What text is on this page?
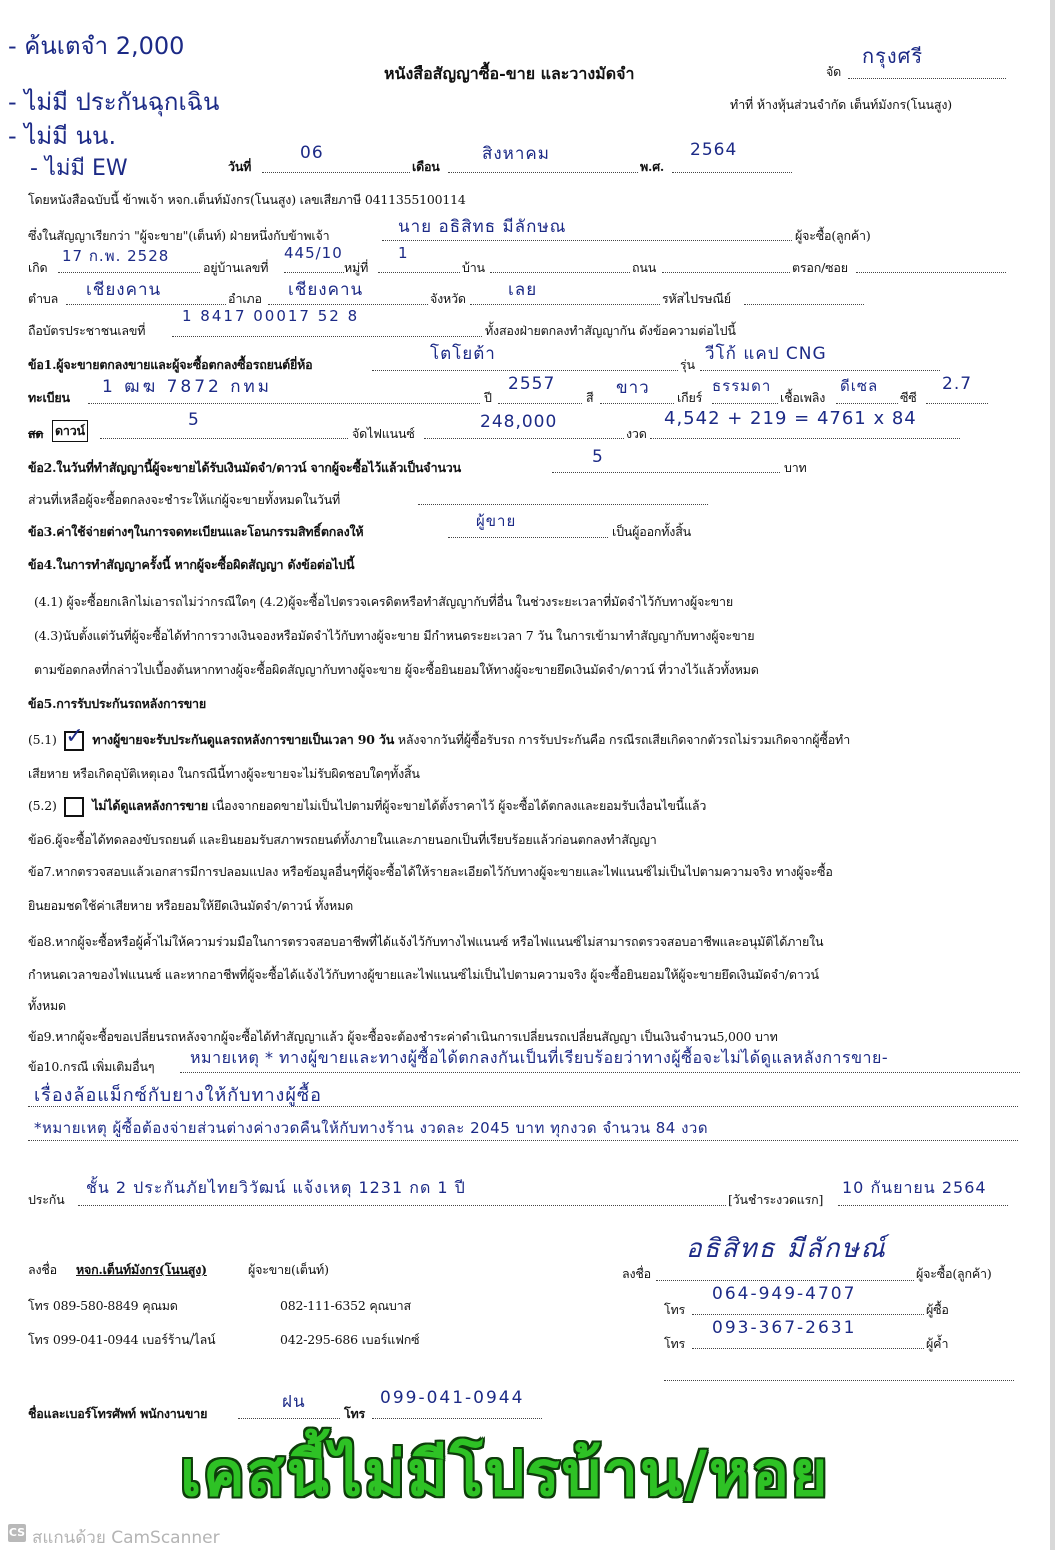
- ค้นเตจำ 2,000
- ไม่มี ประกันฉุกเฉิน
- ไม่มี นน.
- ไม่มี EW
หนังสือสัญญาซื้อ-ขาย และวางมัดจำ	จัด
กรุงศรี
ทำที่ ห้างหุ้นส่วนจำกัด เต็นท์มังกร(โนนสูง)
วันที่
06
เดือน
สิงหาคม
พ.ศ.
2564
โดยหนังสือฉบับนี้ ข้าพเจ้า หจก.เต็นท์มังกร(โนนสูง) เลขเสียภาษี 0411355100114
ซึ่งในสัญญาเรียกว่า "ผู้จะขาย"(เต็นท์) ฝ่ายหนึ่งกับข้าพเจ้า	นาย อธิสิทธ มีลักษณ	ผู้จะซื้อ(ลูกค้า)
เกิด
17 ก.พ. 2528
อยู่บ้านเลขที่
445/10
หมู่ที่
1
บ้าน	ถนน	ตรอก/ซอย
ตำบล เชียงคาน	อำเภอ เชียงคาน	จังหวัด เลย	รหัสไปรษณีย์
ถือบัตรประชาชนเลขที่
1 8417 00017 52 8
ทั้งสองฝ่ายตกลงทำสัญญากัน ดังข้อความต่อไปนี้
ข้อ1.ผู้จะขายตกลงขายและผู้จะซื้อตกลงซื้อรถยนต์ยี่ห้อ
โตโยต้า
รุ่น
วีโก้ แคป CNG
ทะเบียน
1 ฒฆ 7872 กทม
ปี
2557
สี ขาว เกียร์
ธรรมดา
เชื้อเพลิง
ดีเซล
ซีซี
2.7
สด ดาวน์
5
จัดไฟแนนซ์
248,000
งวด
4,542 + 219 = 4761 x 84
ข้อ2.ในวันที่ทำสัญญานี้ผู้จะขายได้รับเงินมัดจำ/ดาวน์ จากผู้จะซื้อไว้แล้วเป็นจำนวน
5
บาท
ส่วนที่เหลือผู้จะซื้อตกลงจะชำระให้แก่ผู้จะขายทั้งหมดในวันที่
ข้อ3.ค่าใช้จ่ายต่างๆในการจดทะเบียนและโอนกรรมสิทธิ์ตกลงให้
ผู้ขาย
เป็นผู้ออกทั้งสิ้น
ข้อ4.ในการทำสัญญาครั้งนี้ หากผู้จะซื้อผิดสัญญา ดังข้อต่อไปนี้
(4.1) ผู้จะซื้อยกเลิกไม่เอารถไม่ว่ากรณีใดๆ (4.2)ผู้จะซื้อไปตรวจเครดิตหรือทำสัญญากับที่อื่น ในช่วงระยะเวลาที่มัดจำไว้กับทางผู้จะขาย
(4.3)นับตั้งแต่วันที่ผู้จะซื้อได้ทำการวางเงินจองหรือมัดจำไว้กับทางผู้จะขาย มีกำหนดระยะเวลา 7 วัน ในการเข้ามาทำสัญญากับทางผู้จะขาย
ตามข้อตกลงที่กล่าวไปเบื้องต้นหากทางผู้จะซื้อผิดสัญญากับทางผู้จะขาย ผู้จะซื้อยินยอมให้ทางผู้จะขายยึดเงินมัดจำ/ดาวน์ ที่วางไว้แล้วทั้งหมด
ข้อ5.การรับประกันรถหลังการขาย
(5.1) ✓ ทางผู้ขายจะรับประกันดูแลรถหลังการขายเป็นเวลา 90 วัน หลังจากวันที่ผู้ซื้อรับรถ การรับประกันคือ กรณีรถเสียเกิดจากตัวรถไม่รวมเกิดจากผู้ซื้อทำ
เสียหาย หรือเกิดอุบัติเหตุเอง ในกรณีนี้ทางผู้จะขายจะไม่รับผิดชอบใดๆทั้งสิ้น
(5.2)	ไม่ได้ดูแลหลังการขาย เนื่องจากยอดขายไม่เป็นไปตามที่ผู้จะขายได้ตั้งราคาไว้ ผู้จะซื้อได้ตกลงและยอมรับเงื่อนไขนี้แล้ว
ข้อ6.ผู้จะซื้อได้ทดลองขับรถยนต์ และยินยอมรับสภาพรถยนต์ทั้งภายในและภายนอกเป็นที่เรียบร้อยแล้วก่อนตกลงทำสัญญา
ข้อ7.หากตรวจสอบแล้วเอกสารมีการปลอมแปลง หรือข้อมูลอื่นๆที่ผู้จะซื้อได้ให้รายละเอียดไว้กับทางผู้จะขายและไฟแนนซ์ไม่เป็นไปตามความจริง ทางผู้จะซื้อ
ยินยอมชดใช้ค่าเสียหาย หรือยอมให้ยึดเงินมัดจำ/ดาวน์ ทั้งหมด
ข้อ8.หากผู้จะซื้อหรือผู้ค้ำไม่ให้ความร่วมมือในการตรวจสอบอาชีพที่ได้แจ้งไว้กับทางไฟแนนซ์ หรือไฟแนนซ์ไม่สามารถตรวจสอบอาชีพและอนุมัติได้ภายใน
กำหนดเวลาของไฟแนนซ์ และหากอาชีพที่ผู้จะซื้อได้แจ้งไว้กับทางผู้ขายและไฟแนนซ์ไม่เป็นไปตามความจริง ผู้จะซื้อยินยอมให้ผู้จะขายยึดเงินมัดจำ/ดาวน์
ทั้งหมด
ข้อ9.หากผู้จะซื้อขอเปลี่ยนรถหลังจากผู้จะซื้อได้ทำสัญญาแล้ว ผู้จะซื้อจะต้องชำระค่าดำเนินการเปลี่ยนรถเปลี่ยนสัญญา เป็นเงินจำนวน5,000 บาท
ข้อ10.กรณี เพิ่มเติมอื่นๆ หมายเหตุ * ทางผู้ขายและทางผู้ซื้อได้ตกลงกันเป็นที่เรียบร้อยว่าทางผู้ซื้อจะไม่ได้ดูแลหลังการขาย-
เรื่องล้อแม็กซ์กับยางให้กับทางผู้ซื้อ
*หมายเหตุ ผู้ซื้อต้องจ่ายส่วนต่างค่างวดคืนให้กับทางร้าน งวดละ 2045 บาท ทุกงวด จำนวน 84 งวด
ประกัน
ชั้น 2 ประกันภัยไทยวิวัฒน์ แจ้งเหตุ 1231 กด 1 ปี
[วันชำระงวดแรก]
10 กันยายน 2564
ลงชื่อ หจก.เต็นท์มังกร(โนนสูง)	ผู้จะขาย(เต็นท์)	ลงชื่อ
อธิสิทธ มีลักษณ์
ผู้จะซื้อ(ลูกค้า)
โทร 089-580-8849 คุณมด	082-111-6352 คุณบาส
โทร 099-041-0944 เบอร์ร้าน/ไลน์	042-295-686 เบอร์แฟกซ์
โทร
064-949-4707
ผู้ซื้อ
โทร
093-367-2631
ผู้ค้ำ
ชื่อและเบอร์โทรศัพท์ พนักงานขาย
ฝน
โทร
099-041-0944
เคสนี้ไม่มีโปรบ้าน/หอย
CS สแกนด้วย CamScanner
